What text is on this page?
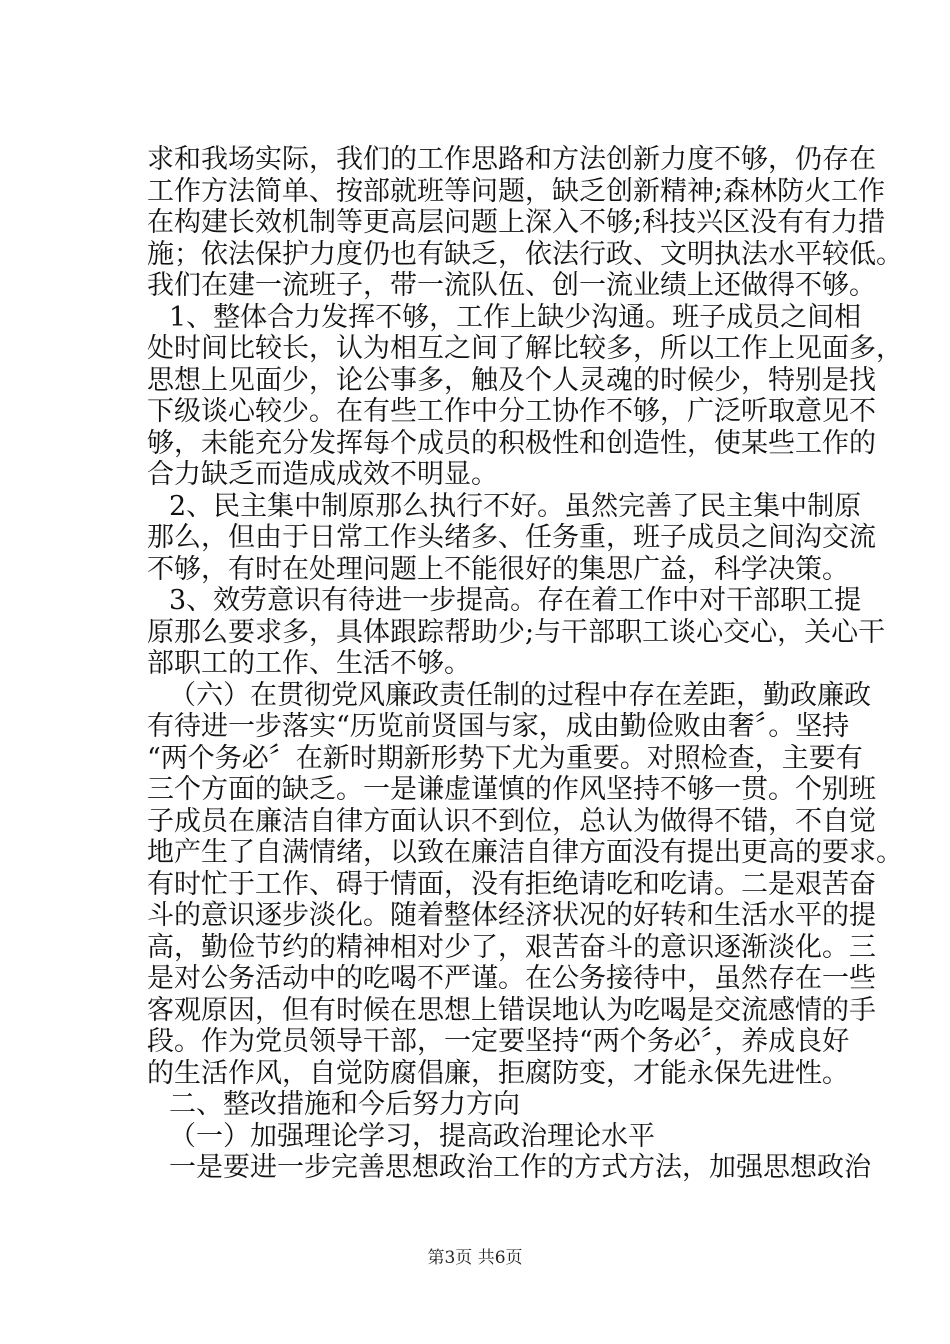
求和我场实际，我们的工作思路和方法创新力度不够，仍存在
工作方法简单、按部就班等问题，缺乏创新精神;森林防火工作
在构建长效机制等更高层问题上深入不够;科技兴区没有有力措
施；依法保护力度仍也有缺乏，依法行政、文明执法水平较低。
我们在建一流班子，带一流队伍、创一流业绩上还做得不够。
1、整体合力发挥不够，工作上缺少沟通。班子成员之间相
处时间比较长，认为相互之间了解比较多，所以工作上见面多，
思想上见面少，论公事多，触及个人灵魂的时候少，特别是找
下级谈心较少。在有些工作中分工协作不够，广泛听取意见不
够，未能充分发挥每个成员的积极性和创造性，使某些工作的
合力缺乏而造成成效不明显。
2、民主集中制原那么执行不好。虽然完善了民主集中制原
那么，但由于日常工作头绪多、任务重，班子成员之间沟交流
不够，有时在处理问题上不能很好的集思广益，科学决策。
3、效劳意识有待进一步提高。存在着工作中对干部职工提
原那么要求多，具体跟踪帮助少;与干部职工谈心交心，关心干
部职工的工作、生活不够。
（六）在贯彻党风廉政责任制的过程中存在差距，勤政廉政
有待进一步落实“历览前贤国与家，成由勤俭败由奢〞。坚持
“两个务必〞在新时期新形势下尤为重要。对照检查，主要有
三个方面的缺乏。一是谦虚谨慎的作风坚持不够一贯。个别班
子成员在廉洁自律方面认识不到位，总认为做得不错，不自觉
地产生了自满情绪，以致在廉洁自律方面没有提出更高的要求。
有时忙于工作、碍于情面，没有拒绝请吃和吃请。二是艰苦奋
斗的意识逐步淡化。随着整体经济状况的好转和生活水平的提
高，勤俭节约的精神相对少了，艰苦奋斗的意识逐渐淡化。三
是对公务活动中的吃喝不严谨。在公务接待中，虽然存在一些
客观原因，但有时候在思想上错误地认为吃喝是交流感情的手
段。作为党员领导干部，一定要坚持“两个务必〞，养成良好
的生活作风，自觉防腐倡廉，拒腐防变，才能永保先进性。
二、整改措施和今后努力方向
（一）加强理论学习，提高政治理论水平
一是要进一步完善思想政治工作的方式方法，加强思想政治
第3页 共6页
